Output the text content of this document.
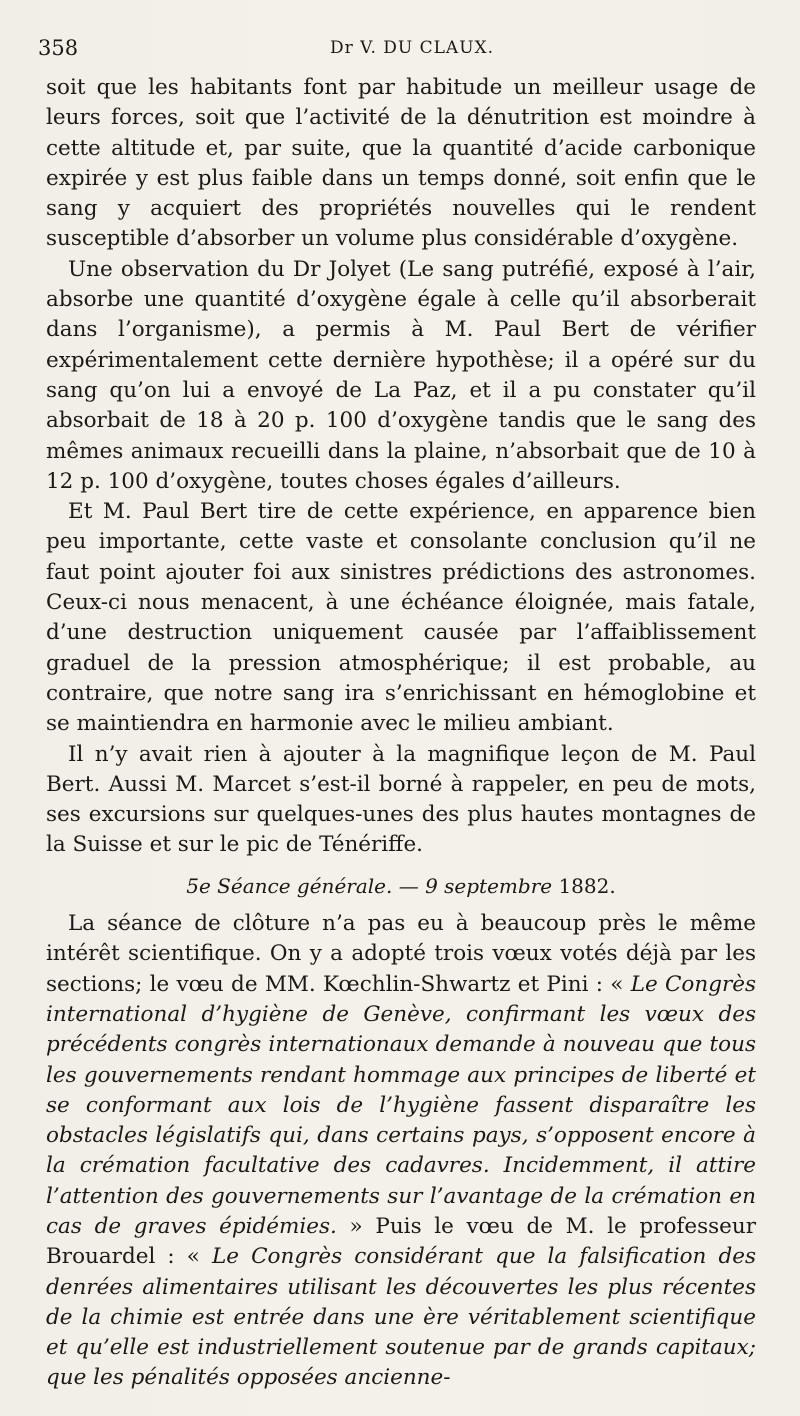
358	Dr V. DU CLAUX.

soit que les habitants font par habitude un meilleur usage de leurs forces, soit que l’activité de la dénutrition est moindre à cette altitude et, par suite, que la quantité d’acide carbonique expirée y est plus faible dans un temps donné, soit enfin que le sang y acquiert des propriétés nouvelles qui le rendent susceptible d’absorber un volume plus considérable d’oxygène.

Une observation du Dr Jolyet (Le sang putréfié, exposé à l’air, absorbe une quantité d’oxygène égale à celle qu’il absorberait dans l’organisme), a permis à M. Paul Bert de vérifier expérimentalement cette dernière hypothèse; il a opéré sur du sang qu’on lui a envoyé de La Paz, et il a pu constater qu’il absorbait de 18 à 20 p. 100 d’oxygène tandis que le sang des mêmes animaux recueilli dans la plaine, n’absorbait que de 10 à 12 p. 100 d’oxygène, toutes choses égales d’ailleurs.

Et M. Paul Bert tire de cette expérience, en apparence bien peu importante, cette vaste et consolante conclusion qu’il ne faut point ajouter foi aux sinistres prédictions des astronomes. Ceux-ci nous menacent, à une échéance éloignée, mais fatale, d’une destruction uniquement causée par l’affaiblissement graduel de la pression atmosphérique; il est probable, au contraire, que notre sang ira s’enrichissant en hémoglobine et se maintiendra en harmonie avec le milieu ambiant.

Il n’y avait rien à ajouter à la magnifique leçon de M. Paul Bert. Aussi M. Marcet s’est-il borné à rappeler, en peu de mots, ses excursions sur quelques-unes des plus hautes montagnes de la Suisse et sur le pic de Ténériffe.

5e Séance générale. — 9 septembre 1882.

La séance de clôture n’a pas eu à beaucoup près le même intérêt scientifique. On y a adopté trois vœux votés déjà par les sections; le vœu de MM. Kœchlin-Shwartz et Pini : « Le Congrès international d’hygiène de Genève, confirmant les vœux des précédents congrès internationaux demande à nouveau que tous les gouvernements rendant hommage aux principes de liberté et se conformant aux lois de l’hygiène fassent disparaître les obstacles législatifs qui, dans certains pays, s’opposent encore à la crémation facultative des cadavres. Incidemment, il attire l’attention des gouvernements sur l’avantage de la crémation en cas de graves épidémies. » Puis le vœu de M. le professeur Brouardel : « Le Congrès considérant que la falsification des denrées alimentaires utilisant les découvertes les plus récentes de la chimie est entrée dans une ère véritablement scientifique et qu’elle est industriellement soutenue par de grands capitaux; que les pénalités opposées ancienne-
